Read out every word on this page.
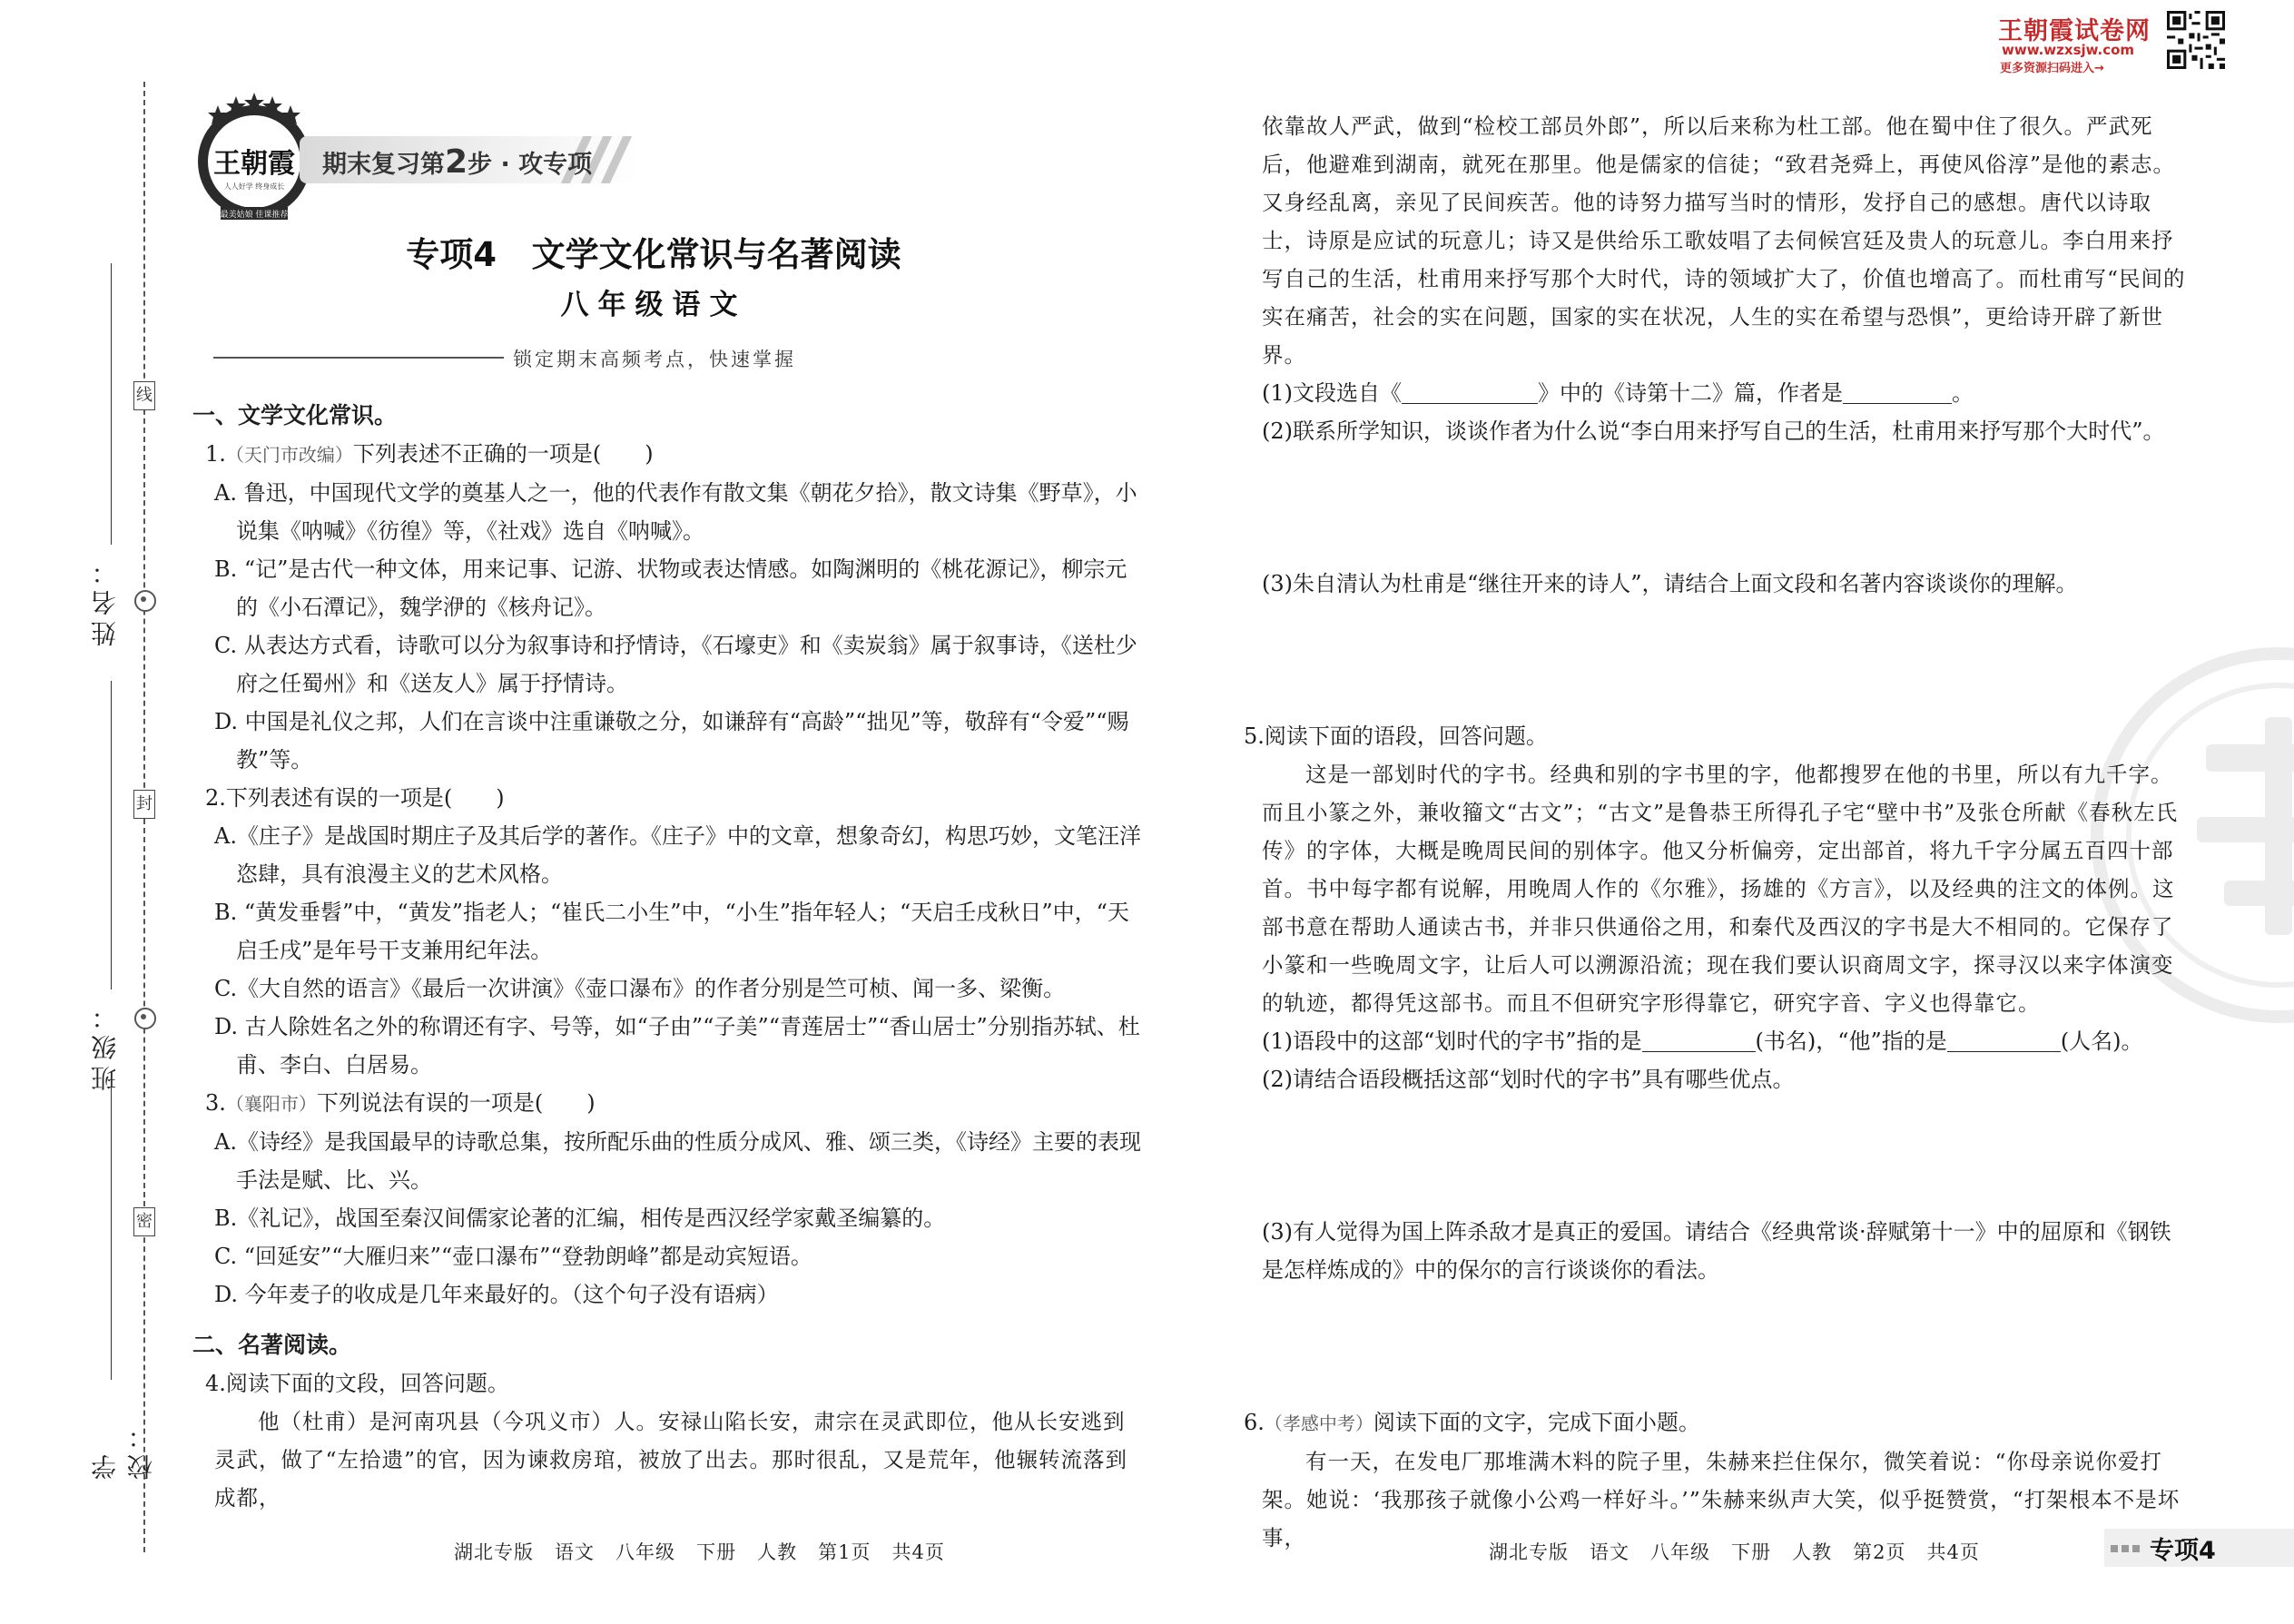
线
封
密
姓名：
班级：
学校：
王朝霞
人人好学 终身成长
最美姑娘 佳课推荐
期末复习第2步 · 攻专项
专项4   文学文化常识与名著阅读
八年级语文
锁定期末高频考点，快速掌握
一、文学文化常识。
1.（天门市改编）下列表述不正确的一项是(　　)
A. 鲁迅，中国现代文学的奠基人之一，他的代表作有散文集《朝花夕拾》，散文诗集《野草》，小说集《呐喊》《彷徨》等，《社戏》选自《呐喊》。
B. “记”是古代一种文体，用来记事、记游、状物或表达情感。如陶渊明的《桃花源记》，柳宗元的《小石潭记》，魏学洢的《核舟记》。
C. 从表达方式看，诗歌可以分为叙事诗和抒情诗，《石壕吏》和《卖炭翁》属于叙事诗，《送杜少府之任蜀州》和《送友人》属于抒情诗。
D. 中国是礼仪之邦，人们在言谈中注重谦敬之分，如谦辞有“高龄”“拙见”等，敬辞有“令爱”“赐教”等。
2.下列表述有误的一项是(　　)
A.《庄子》是战国时期庄子及其后学的著作。《庄子》中的文章，想象奇幻，构思巧妙，文笔汪洋恣肆，具有浪漫主义的艺术风格。
B. “黄发垂髫”中，“黄发”指老人；“崔氏二小生”中，“小生”指年轻人；“天启壬戌秋日”中，“天启壬戌”是年号干支兼用纪年法。
C.《大自然的语言》《最后一次讲演》《壶口瀑布》的作者分别是竺可桢、闻一多、梁衡。
D. 古人除姓名之外的称谓还有字、号等，如“子由”“子美”“青莲居士”“香山居士”分别指苏轼、杜甫、李白、白居易。
3.（襄阳市）下列说法有误的一项是(　　)
A.《诗经》是我国最早的诗歌总集，按所配乐曲的性质分成风、雅、颂三类，《诗经》主要的表现手法是赋、比、兴。
B.《礼记》，战国至秦汉间儒家论著的汇编，相传是西汉经学家戴圣编纂的。
C. “回延安”“大雁归来”“壶口瀑布”“登勃朗峰”都是动宾短语。
D. 今年麦子的收成是几年来最好的。（这个句子没有语病）
二、名著阅读。
4.阅读下面的文段，回答问题。
他（杜甫）是河南巩县（今巩义市）人。安禄山陷长安，肃宗在灵武即位，他从长安逃到灵武，做了“左拾遗”的官，因为谏救房琯，被放了出去。那时很乱，又是荒年，他辗转流落到成都，
湖北专版   语文   八年级   下册   人教   第1页   共4页
王朝霞试卷网
www.wzxsjw.com
更多资源扫码进入→
依靠故人严武，做到“检校工部员外郎”，所以后来称为杜工部。他在蜀中住了很久。严武死后，他避难到湖南，就死在那里。他是儒家的信徒；“致君尧舜上，再使风俗淳”是他的素志。又身经乱离，亲见了民间疾苦。他的诗努力描写当时的情形，发抒自己的感想。唐代以诗取士，诗原是应试的玩意儿；诗又是供给乐工歌妓唱了去伺候宫廷及贵人的玩意儿。李白用来抒写自己的生活，杜甫用来抒写那个大时代，诗的领域扩大了，价值也增高了。而杜甫写“民间的实在痛苦，社会的实在问题，国家的实在状况，人生的实在希望与恐惧”，更给诗开辟了新世界。
(1)文段选自《	》中的《诗第十二》篇，作者是	。
(2)联系所学知识，谈谈作者为什么说“李白用来抒写自己的生活，杜甫用来抒写那个大时代”。
(3)朱自清认为杜甫是“继往开来的诗人”，请结合上面文段和名著内容谈谈你的理解。
5.阅读下面的语段，回答问题。
这是一部划时代的字书。经典和别的字书里的字，他都搜罗在他的书里，所以有九千字。而且小篆之外，兼收籀文“古文”；“古文”是鲁恭王所得孔子宅“壁中书”及张仓所献《春秋左氏传》的字体，大概是晚周民间的别体字。他又分析偏旁，定出部首，将九千字分属五百四十部首。书中每字都有说解，用晚周人作的《尔雅》，扬雄的《方言》，以及经典的注文的体例。这部书意在帮助人通读古书，并非只供通俗之用，和秦代及西汉的字书是大不相同的。它保存了小篆和一些晚周文字，让后人可以溯源沿流；现在我们要认识商周文字，探寻汉以来字体演变的轨迹，都得凭这部书。而且不但研究字形得靠它，研究字音、字义也得靠它。
(1)语段中的这部“划时代的字书”指的是	(书名)，“他”指的是	(人名)。
(2)请结合语段概括这部“划时代的字书”具有哪些优点。
(3)有人觉得为国上阵杀敌才是真正的爱国。请结合《经典常谈·辞赋第十一》中的屈原和《钢铁是怎样炼成的》中的保尔的言行谈谈你的看法。
6.（孝感中考）阅读下面的文字，完成下面小题。
有一天，在发电厂那堆满木料的院子里，朱赫来拦住保尔，微笑着说：“你母亲说你爱打架。她说：‘我那孩子就像小公鸡一样好斗。’”朱赫来纵声大笑，似乎挺赞赏，“打架根本不是坏事，
湖北专版   语文   八年级   下册   人教   第2页   共4页	专项4
